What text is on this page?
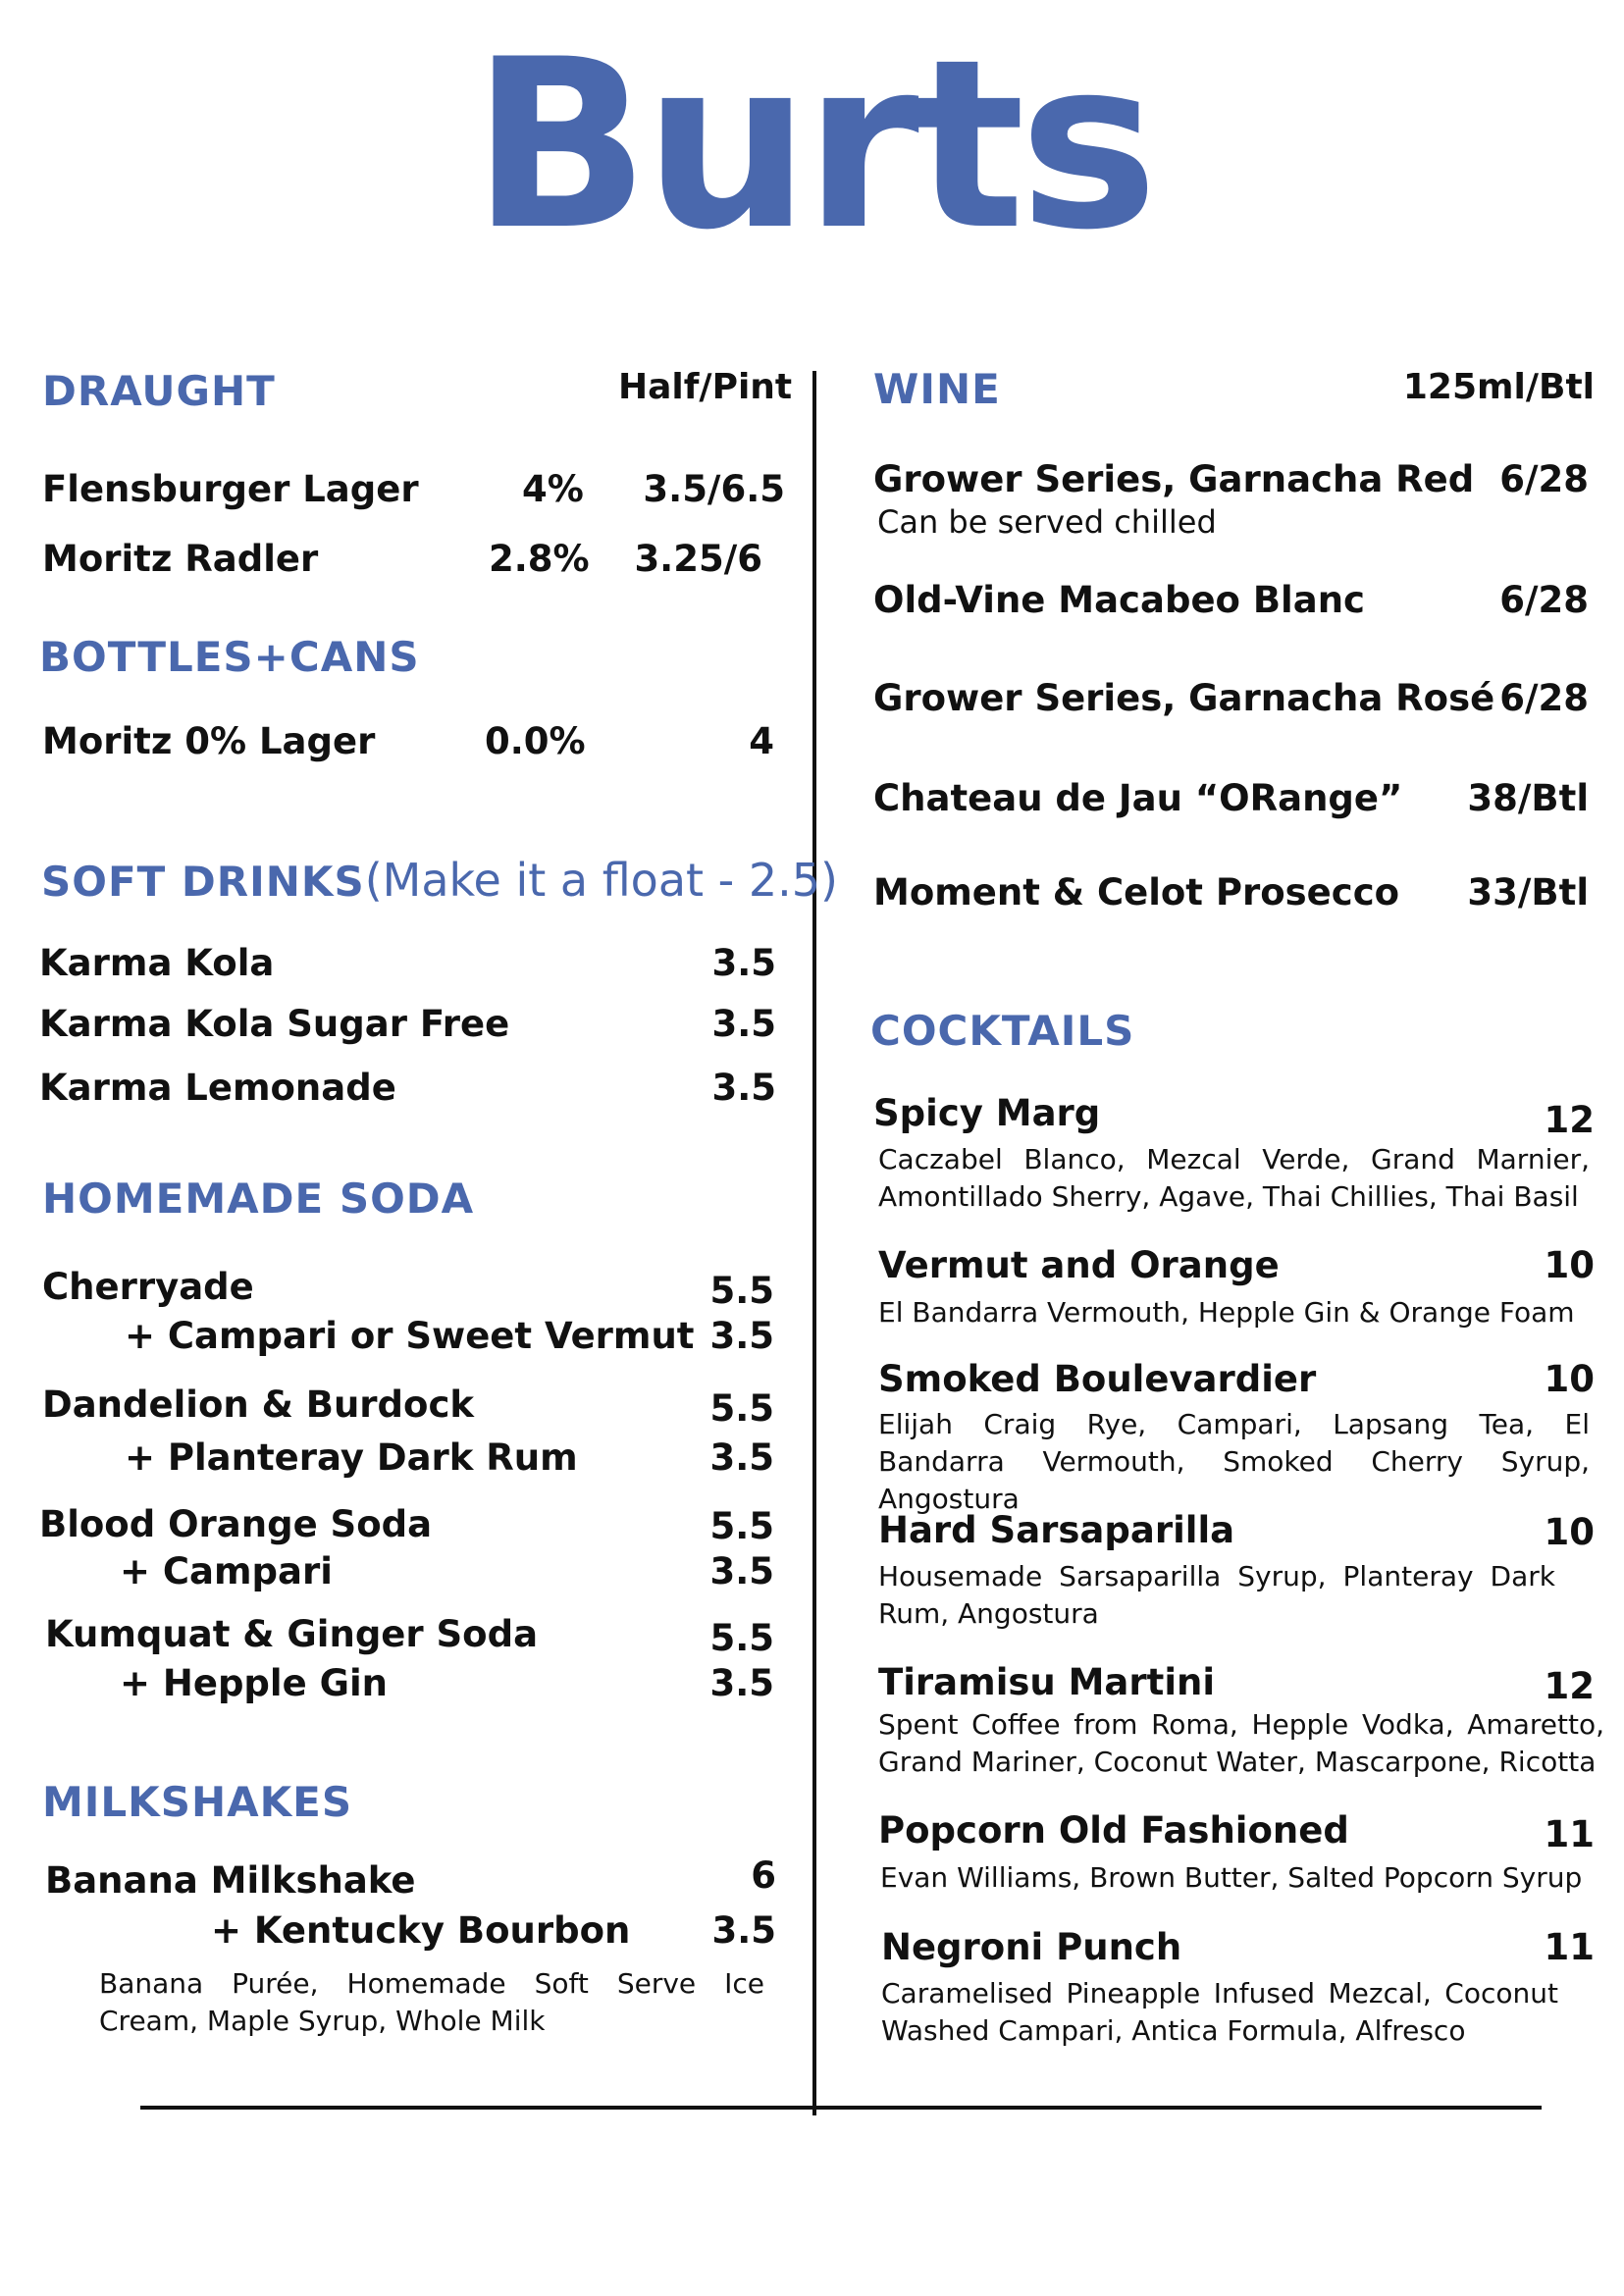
Burts
DRAUGHT	Half/Pint
Flensburger Lager	4% 3.5/6.5
Moritz Radler	2.8% 3.25/6
BOTTLES+CANS
Moritz 0% Lager	0.0%	4
SOFT DRINKS(Make it a float - 2.5)
Karma Kola	3.5
Karma Kola Sugar Free	3.5
Karma Lemonade	3.5
HOMEMADE SODA
Cherryade	5.5
+ Campari or Sweet Vermut 3.5
Dandelion & Burdock	5.5
+ Planteray Dark Rum	3.5
Blood Orange Soda	5.5
+ Campari	3.5
Kumquat & Ginger Soda	5.5
+ Hepple Gin	3.5
MILKSHAKES
Banana Milkshake	6
+ Kentucky Bourbon 3.5
Banana Purée, Homemade Soft Serve Ice Cream, Maple Syrup, Whole Milk
WINE	125ml/Btl
Grower Series, Garnacha Red 6/28
Can be served chilled
Old-Vine Macabeo Blanc	6/28
Grower Series, Garnacha Rosé 6/28
Chateau de Jau “ORange” 38/Btl
Moment & Celot Prosecco 33/Btl
COCKTAILS
Spicy Marg	12
Caczabel Blanco, Mezcal Verde, Grand Marnier, Amontillado Sherry, Agave, Thai Chillies, Thai Basil
Vermut and Orange	10
El Bandarra Vermouth, Hepple Gin & Orange Foam
Smoked Boulevardier	10
Elijah Craig Rye, Campari, Lapsang Tea, El Bandarra Vermouth, Smoked Cherry Syrup, Angostura
Hard Sarsaparilla	10
Housemade Sarsaparilla Syrup, Planteray Dark Rum, Angostura
Tiramisu Martini	12
Spent Coffee from Roma, Hepple Vodka, Amaretto, Grand Mariner, Coconut Water, Mascarpone, Ricotta
Popcorn Old Fashioned	11
Evan Williams, Brown Butter, Salted Popcorn Syrup
Negroni Punch	11
Caramelised Pineapple Infused Mezcal, Coconut Washed Campari, Antica Formula, Alfresco
